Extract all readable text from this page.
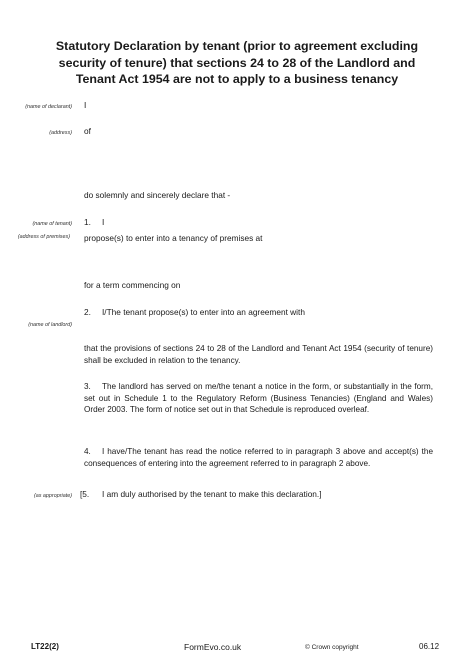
Statutory Declaration by tenant (prior to agreement excluding security of tenure) that sections 24 to 28 of the Landlord and Tenant Act 1954 are not to apply to a business tenancy
(name of declarant) I
(address) of
do solemnly and sincerely declare that -
(name of tenant) 1. I
(address of premises) propose(s) to enter into a tenancy of premises at
for a term commencing on
2. I/The tenant propose(s) to enter into an agreement with
(name of landlord)
that the provisions of sections 24 to 28 of the Landlord and Tenant Act 1954 (security of tenure) shall be excluded in relation to the tenancy.
3. The landlord has served on me/the tenant a notice in the form, or substantially in the form, set out in Schedule 1 to the Regulatory Reform (Business Tenancies) (England and Wales) Order 2003. The form of notice set out in that Schedule is reproduced overleaf.
4. I have/The tenant has read the notice referred to in paragraph 3 above and accept(s) the consequences of entering into the agreement referred to in paragraph 2 above.
(as appropriate) [5. I am duly authorised by the tenant to make this declaration.]
LT22(2)	FormEvo.co.uk	© Crown copyright	06.12
